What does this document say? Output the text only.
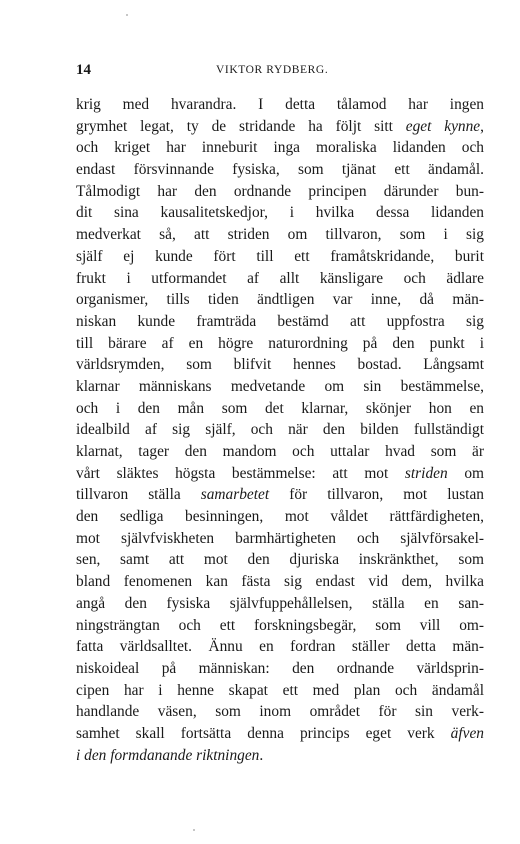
14	VIKTOR RYDBERG.
krig med hvarandra. I detta tålamod har ingen
grymhet legat, ty de stridande ha följt sitt eget kynne,
och kriget har inneburit inga moraliska lidanden och
endast försvinnande fysiska, som tjänat ett ändamål.
Tålmodigt har den ordnande principen därunder bun-
dit sina kausalitetskedjor, i hvilka dessa lidanden
medverkat så, att striden om tillvaron, som i sig
själf ej kunde fört till ett framåtskridande, burit
frukt i utformandet af allt känsligare och ädlare
organismer, tills tiden ändtligen var inne, då män-
niskan kunde framträda bestämd att uppfostra sig
till bärare af en högre naturordning på den punkt i
världsrymden, som blifvit hennes bostad. Långsamt
klarnar människans medvetande om sin bestämmelse,
och i den mån som det klarnar, skönjer hon en
idealbild af sig själf, och när den bilden fullständigt
klarnat, tager den mandom och uttalar hvad som är
vårt släktes högsta bestämmelse: att mot striden om
tillvaron ställa samarbetet för tillvaron, mot lustan
den sedliga besinningen, mot våldet rättfärdigheten,
mot självfviskheten barmhärtigheten och självförsakel-
sen, samt att mot den djuriska inskränkthet, som
bland fenomenen kan fästa sig endast vid dem, hvilka
angå den fysiska självfuppehållelsen, ställa en san-
ningsträngtan och ett forskningsbegär, som vill om-
fatta världsalltet. Ännu en fordran ställer detta män-
niskoideal på människan: den ordnande världsprin-
cipen har i henne skapat ett med plan och ändamål
handlande väsen, som inom området för sin verk-
samhet skall fortsätta denna princips eget verk äfven
i den formdanande riktningen.
